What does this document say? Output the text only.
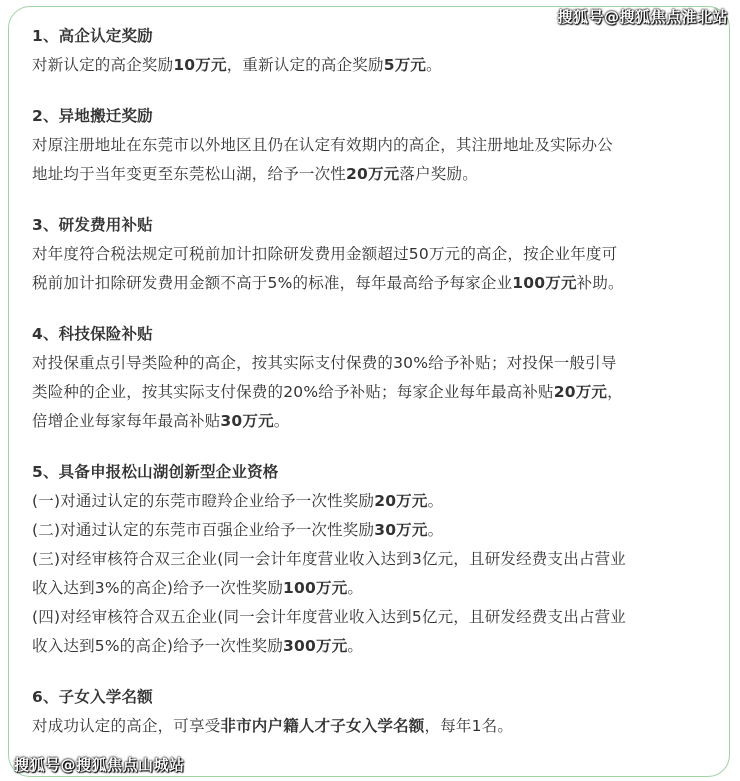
1、高企认定奖励
对新认定的高企奖励10万元，重新认定的高企奖励5万元。
2、异地搬迁奖励
对原注册地址在东莞市以外地区且仍在认定有效期内的高企，其注册地址及实际办公
地址均于当年变更至东莞松山湖，给予一次性20万元落户奖励。
3、研发费用补贴
对年度符合税法规定可税前加计扣除研发费用金额超过50万元的高企，按企业年度可
税前加计扣除研发费用金额不高于5%的标准，每年最高给予每家企业100万元补助。
4、科技保险补贴
对投保重点引导类险种的高企，按其实际支付保费的30%给予补贴；对投保一般引导
类险种的企业，按其实际支付保费的20%给予补贴；每家企业每年最高补贴20万元，
倍增企业每家每年最高补贴30万元。
5、具备申报松山湖创新型企业资格
(一)对通过认定的东莞市瞪羚企业给予一次性奖励20万元。
(二)对通过认定的东莞市百强企业给予一次性奖励30万元。
(三)对经审核符合双三企业(同一会计年度营业收入达到3亿元，且研发经费支出占营业
收入达到3%的高企)给予一次性奖励100万元。
(四)对经审核符合双五企业(同一会计年度营业收入达到5亿元，且研发经费支出占营业
收入达到5%的高企)给予一次性奖励300万元。
6、子女入学名额
对成功认定的高企，可享受非市内户籍人才子女入学名额，每年1名。
搜狐号@搜狐焦点淮北站
搜狐号@搜狐焦点山城站
